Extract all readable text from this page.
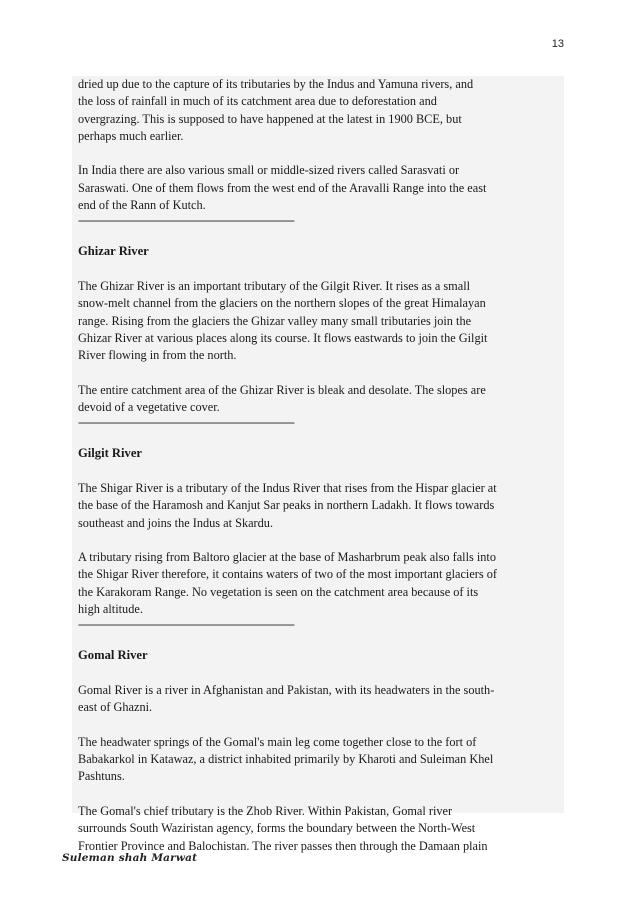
13

dried up due to the capture of its tributaries by the Indus and Yamuna rivers, and
the loss of rainfall in much of its catchment area due to deforestation and
overgrazing. This is supposed to have happened at the latest in 1900 BCE, but
perhaps much earlier.

In India there are also various small or middle-sized rivers called Sarasvati or
Saraswati. One of them flows from the west end of the Aravalli Range into the east
end of the Rann of Kutch.

--------------------------------------------------------------------------------
Ghizar River

The Ghizar River is an important tributary of the Gilgit River. It rises as a small
snow-melt channel from the glaciers on the northern slopes of the great Himalayan
range. Rising from the glaciers the Ghizar valley many small tributaries join the
Ghizar River at various places along its course. It flows eastwards to join the Gilgit
River flowing in from the north.

The entire catchment area of the Ghizar River is bleak and desolate. The slopes are
devoid of a vegetative cover.

--------------------------------------------------------------------------------
Gilgit River

The Shigar River is a tributary of the Indus River that rises from the Hispar glacier at
the base of the Haramosh and Kanjut Sar peaks in northern Ladakh. It flows towards
southeast and joins the Indus at Skardu.

A tributary rising from Baltoro glacier at the base of Masharbrum peak also falls into
the Shigar River therefore, it contains waters of two of the most important glaciers of
the Karakoram Range. No vegetation is seen on the catchment area because of its
high altitude.

--------------------------------------------------------------------------------
Gomal River

Gomal River is a river in Afghanistan and Pakistan, with its headwaters in the south-
east of Ghazni.

The headwater springs of the Gomal's main leg come together close to the fort of
Babakarkol in Katawaz, a district inhabited primarily by Kharoti and Suleiman Khel
Pashtuns.

The Gomal's chief tributary is the Zhob River. Within Pakistan, Gomal river
surrounds South Waziristan agency, forms the boundary between the North-West
Frontier Province and Balochistan. The river passes then through the Damaan plain

Suleman shah Marwat
